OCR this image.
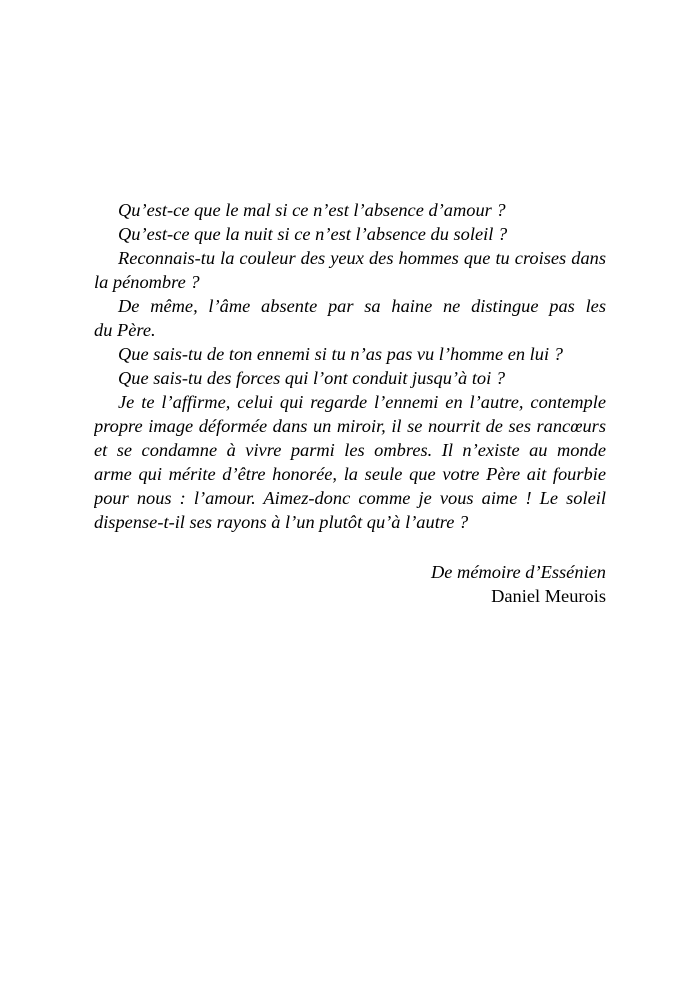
Qu’est-ce que le mal si ce n’est l’absence d’amour ?
Qu’est-ce que la nuit si ce n’est l’absence du soleil ?
Reconnais-tu la couleur des yeux des hommes que tu croises dans
la pénombre ?
De même, l’âme absente par sa haine ne distingue pas les
du Père.
Que sais-tu de ton ennemi si tu n’as pas vu l’homme en lui ?
Que sais-tu des forces qui l’ont conduit jusqu’à toi ?
Je te l’affirme, celui qui regarde l’ennemi en l’autre, contemple
propre image déformée dans un miroir, il se nourrit de ses rancœurs
et se condamne à vivre parmi les ombres. Il n’existe au monde
arme qui mérite d’être honorée, la seule que votre Père ait fourbie
pour nous : l’amour. Aimez-donc comme je vous aime ! Le soleil
dispense-t-il ses rayons à l’un plutôt qu’à l’autre ?
De mémoire d’Essénien
Daniel Meurois
